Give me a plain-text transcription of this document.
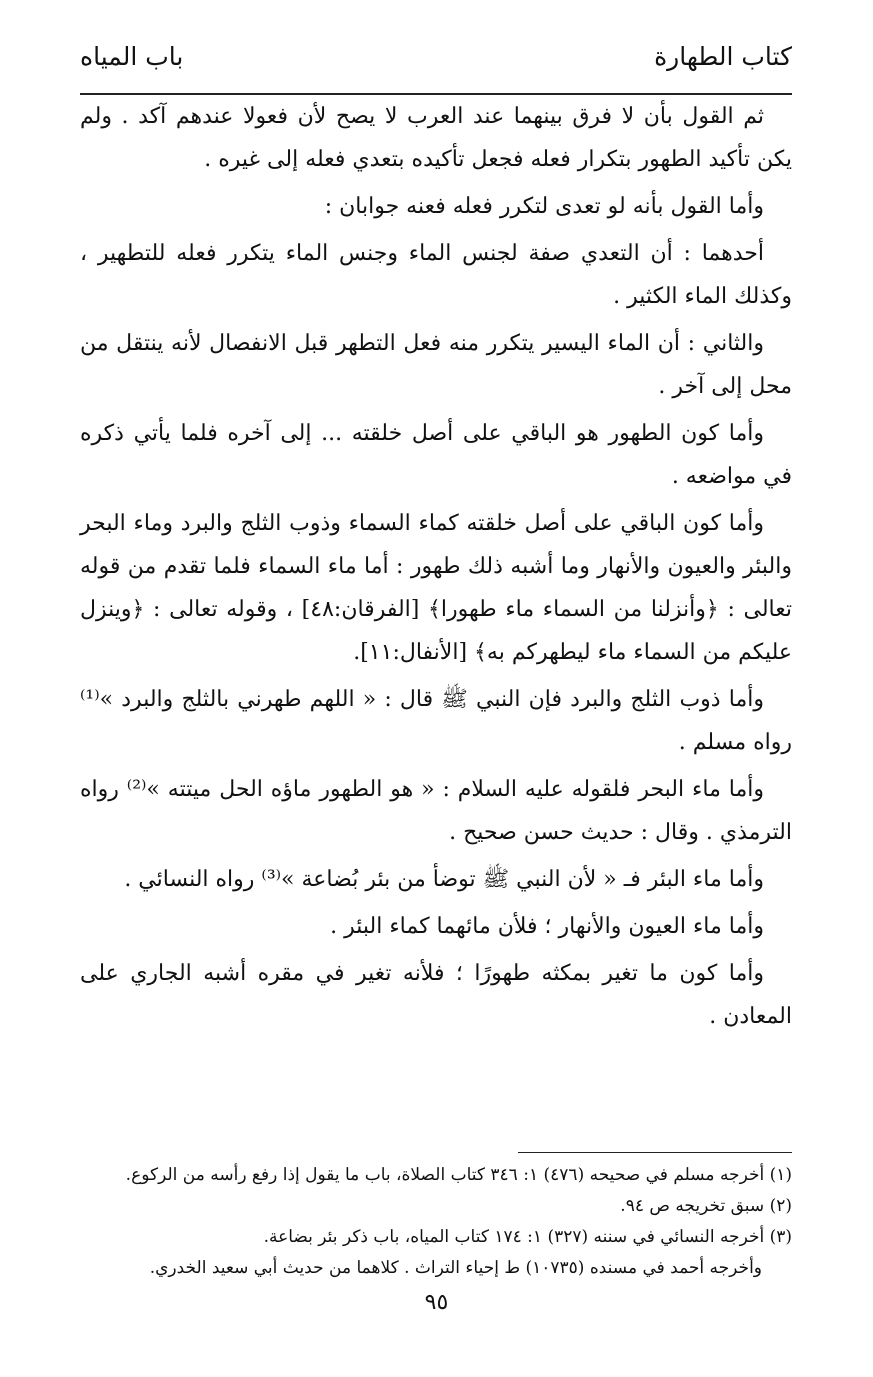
كتاب الطهارة
باب المياه

ثم القول بأن لا فرق بينهما عند العرب لا يصح لأن فعولا عندهم آكد . ولم يكن تأكيد الطهور بتكرار فعله فجعل تأكيده بتعدي فعله إلى غيره .

وأما القول بأنه لو تعدى لتكرر فعله فعنه جوابان :

أحدهما : أن التعدي صفة لجنس الماء وجنس الماء يتكرر فعله للتطهير ، وكذلك الماء الكثير .

والثاني : أن الماء اليسير يتكرر منه فعل التطهر قبل الانفصال لأنه ينتقل من محل إلى آخر .

وأما كون الطهور هو الباقي على أصل خلقته ... إلى آخره فلما يأتي ذكره في مواضعه .

وأما كون الباقي على أصل خلقته كماء السماء وذوب الثلج والبرد وماء البحر والبئر والعيون والأنهار وما أشبه ذلك طهور : أما ماء السماء فلما تقدم من قوله تعالى : ﴿وأنزلنا من السماء ماء طهورا﴾ [الفرقان:٤٨] ، وقوله تعالى : ﴿وينزل عليكم من السماء ماء ليطهركم به﴾ [الأنفال:١١].

وأما ذوب الثلج والبرد فإن النبي ﷺ قال : « اللهم طهرني بالثلج والبرد »⁽¹⁾ رواه مسلم .

وأما ماء البحر فلقوله عليه السلام : « هو الطهور ماؤه الحل ميتته »⁽²⁾ رواه الترمذي . وقال : حديث حسن صحيح .

وأما ماء البئر فـ « لأن النبي ﷺ توضأ من بئر بُضاعة »⁽³⁾ رواه النسائي .

وأما ماء العيون والأنهار ؛ فلأن مائهما كماء البئر .

وأما كون ما تغير بمكثه طهورًا ؛ فلأنه تغير في مقره أشبه الجاري على المعادن .

(١) أخرجه مسلم في صحيحه (٤٧٦) ١: ٣٤٦ كتاب الصلاة، باب ما يقول إذا رفع رأسه من الركوع.
(٢) سبق تخريجه ص ٩٤.
(٣) أخرجه النسائي في سننه (٣٢٧) ١: ١٧٤ كتاب المياه، باب ذكر بئر بضاعة.
وأخرجه أحمد في مسنده (١٠٧٣٥) ط إحياء التراث . كلاهما من حديث أبي سعيد الخدري.
٩٥
